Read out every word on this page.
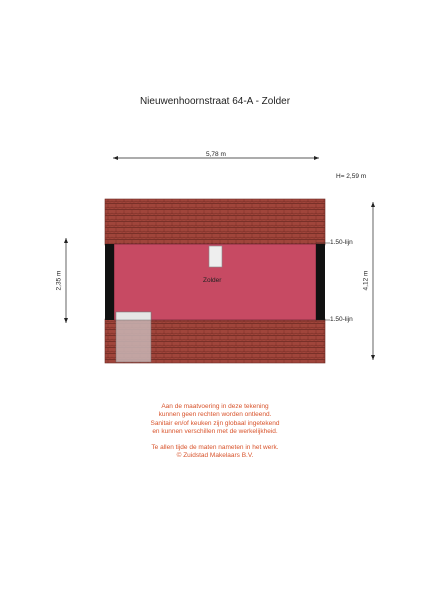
Nieuwenhoornstraat 64-A - Zolder
5,78 m
H= 2,59 m
2,35 m	4,12 m
1.50-lijn
1.50-lijn
Zolder
Aan de maatvoering in deze tekening
kunnen geen rechten worden ontleend.
Sanitair en/of keuken zijn globaal ingetekend
en kunnen verschillen met de werkelijkheid.
Te allen tijde de maten nameten in het werk.
© Zuidstad Makelaars B.V.
